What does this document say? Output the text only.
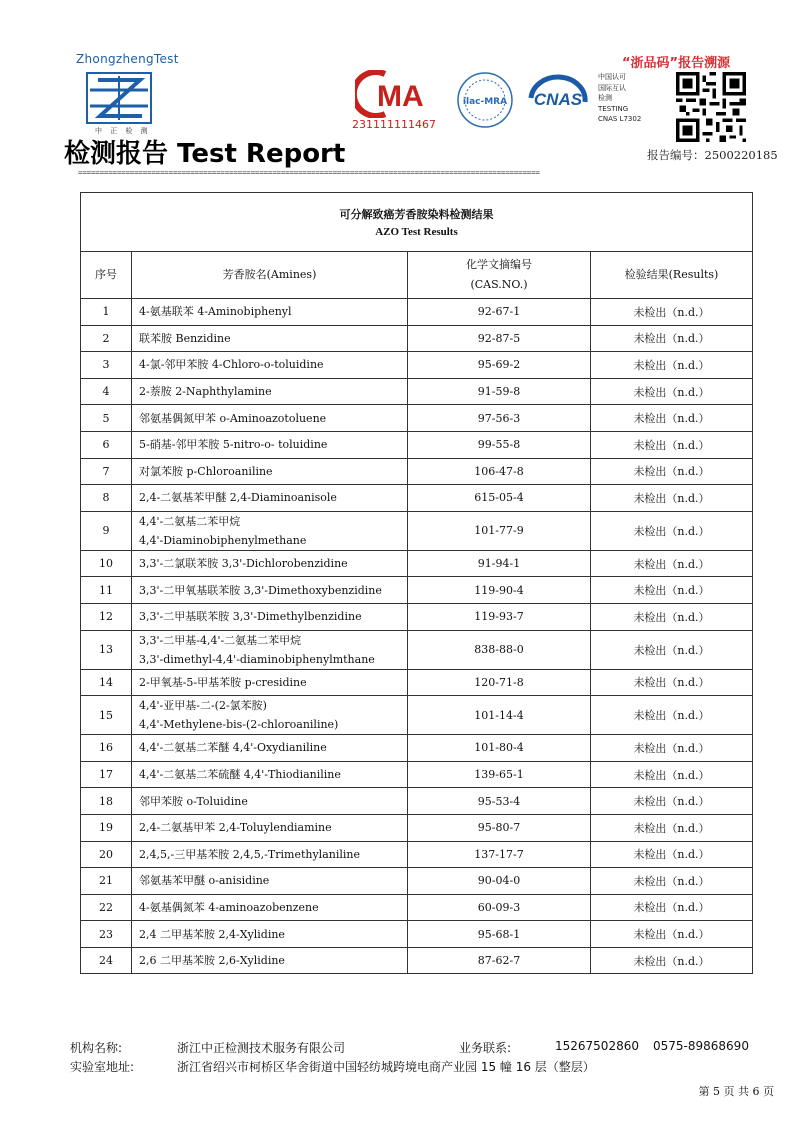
ZhongzhengTest
中 正 检 测
检测报告 Test Report
MA
231111111467
ilac-MRA CNAS
中国认可
国际互认
检测
TESTING
CNAS L7302
“浙品码”报告溯源
报告编号：2500220185
===========================================================================================================
可分解致癌芳香胺染料检测结果
AZO Test Results			

序号	芳香胺名(Amines)	化学文摘编号
(CAS.NO.)	检验结果(Results)
1	4-氨基联苯 4-Aminobiphenyl	92-67-1	未检出（n.d.）
2	联苯胺 Benzidine	92-87-5	未检出（n.d.）
3	4-氯-邻甲苯胺 4-Chloro-o-toluidine	95-69-2	未检出（n.d.）
4	2-萘胺 2-Naphthylamine	91-59-8	未检出（n.d.）
5	邻氨基偶氮甲苯 o-Aminoazotoluene	97-56-3	未检出（n.d.）
6	5-硝基-邻甲苯胺 5-nitro-o- toluidine	99-55-8	未检出（n.d.）
7	对氯苯胺 p-Chloroaniline	106-47-8	未检出（n.d.）
8	2,4-二氨基苯甲醚 2,4-Diaminoanisole	615-05-4	未检出（n.d.）
9	4,4'-二氨基二苯甲烷
4,4'-Diaminobiphenylmethane	101-77-9	未检出（n.d.）
10	3,3'-二氯联苯胺 3,3'-Dichlorobenzidine	91-94-1	未检出（n.d.）
11	3,3'-二甲氧基联苯胺 3,3'-Dimethoxybenzidine	119-90-4	未检出（n.d.）
12	3,3'-二甲基联苯胺 3,3'-Dimethylbenzidine	119-93-7	未检出（n.d.）
13	3,3'-二甲基-4,4'-二氨基二苯甲烷
3,3'-dimethyl-4,4'-diaminobiphenylmthane	838-88-0	未检出（n.d.）
14	2-甲氧基-5-甲基苯胺 p-cresidine	120-71-8	未检出（n.d.）
15	4,4'-亚甲基-二-(2-氯苯胺)
4,4'-Methylene-bis-(2-chloroaniline)	101-14-4	未检出（n.d.）
16	4,4'-二氨基二苯醚 4,4'-Oxydianiline	101-80-4	未检出（n.d.）
17	4,4'-二氨基二苯硫醚 4,4'-Thiodianiline	139-65-1	未检出（n.d.）
18	邻甲苯胺 o-Toluidine	95-53-4	未检出（n.d.）
19	2,4-二氨基甲苯 2,4-Toluylendiamine	95-80-7	未检出（n.d.）
20	2,4,5,-三甲基苯胺 2,4,5,-Trimethylaniline	137-17-7	未检出（n.d.）
21	邻氨基苯甲醚 o-anisidine	90-04-0	未检出（n.d.）
22	4-氨基偶氮苯 4-aminoazobenzene	60-09-3	未检出（n.d.）
23	2,4 二甲基苯胺 2,4-Xylidine	95-68-1	未检出（n.d.）
24	2,6 二甲基苯胺 2,6-Xylidine	87-62-7	未检出（n.d.）
机构名称:	浙江中正检测技术服务有限公司	业务联系:	15267502860 0575-89868690
实验室地址:	浙江省绍兴市柯桥区华舍街道中国轻纺城跨境电商产业园 15 幢 16 层（整层）
第 5 页 共 6 页
